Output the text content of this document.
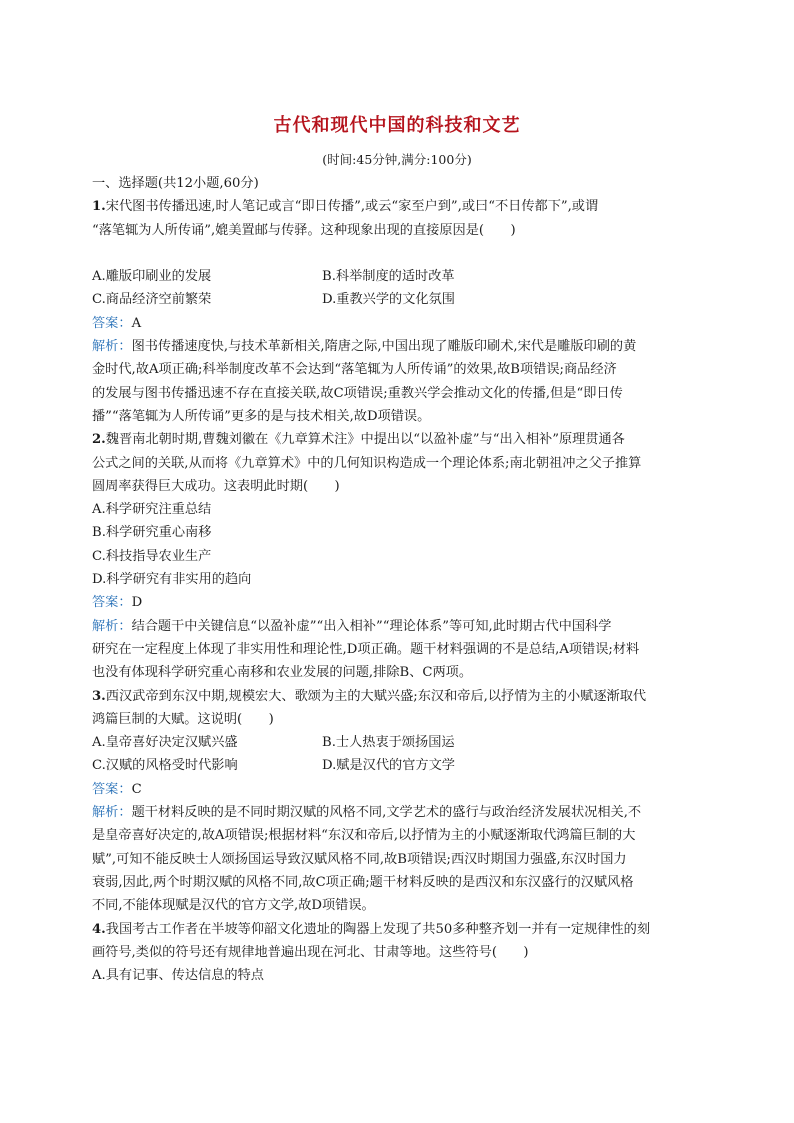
古代和现代中国的科技和文艺
(时间:45分钟,满分:100分)
一、选择题(共12小题,60分)
1.宋代图书传播迅速,时人笔记或言“即日传播”,或云“家至户到”,或曰“不日传都下”,或谓
“落笔辄为人所传诵”,媲美置邮与传驿。这种现象出现的直接原因是(　　)
A.雕版印刷业的发展	B.科举制度的适时改革
C.商品经济空前繁荣	D.重教兴学的文化氛围
答案：A
解析：图书传播速度快,与技术革新相关,隋唐之际,中国出现了雕版印刷术,宋代是雕版印刷的黄
金时代,故A项正确;科举制度改革不会达到“落笔辄为人所传诵”的效果,故B项错误;商品经济
的发展与图书传播迅速不存在直接关联,故C项错误;重教兴学会推动文化的传播,但是“即日传
播”“落笔辄为人所传诵”更多的是与技术相关,故D项错误。
2.魏晋南北朝时期,曹魏刘徽在《九章算术注》中提出以“以盈补虚”与“出入相补”原理贯通各
公式之间的关联,从而将《九章算术》中的几何知识构造成一个理论体系;南北朝祖冲之父子推算
圆周率获得巨大成功。这表明此时期(　　)
A.科学研究注重总结
B.科学研究重心南移
C.科技指导农业生产
D.科学研究有非实用的趋向
答案：D
解析：结合题干中关键信息“以盈补虚”“出入相补”“理论体系”等可知,此时期古代中国科学
研究在一定程度上体现了非实用性和理论性,D项正确。题干材料强调的不是总结,A项错误;材料
也没有体现科学研究重心南移和农业发展的问题,排除B、C两项。
3.西汉武帝到东汉中期,规模宏大、歌颂为主的大赋兴盛;东汉和帝后,以抒情为主的小赋逐渐取代
鸿篇巨制的大赋。这说明(　　)
A.皇帝喜好决定汉赋兴盛	B.士人热衷于颂扬国运
C.汉赋的风格受时代影响	D.赋是汉代的官方文学
答案：C
解析：题干材料反映的是不同时期汉赋的风格不同,文学艺术的盛行与政治经济发展状况相关,不
是皇帝喜好决定的,故A项错误;根据材料“东汉和帝后,以抒情为主的小赋逐渐取代鸿篇巨制的大
赋”,可知不能反映士人颂扬国运导致汉赋风格不同,故B项错误;西汉时期国力强盛,东汉时国力
衰弱,因此,两个时期汉赋的风格不同,故C项正确;题干材料反映的是西汉和东汉盛行的汉赋风格
不同,不能体现赋是汉代的官方文学,故D项错误。
4.我国考古工作者在半坡等仰韶文化遗址的陶器上发现了共50多种整齐划一并有一定规律性的刻
画符号,类似的符号还有规律地普遍出现在河北、甘肃等地。这些符号(　　)
A.具有记事、传达信息的特点
